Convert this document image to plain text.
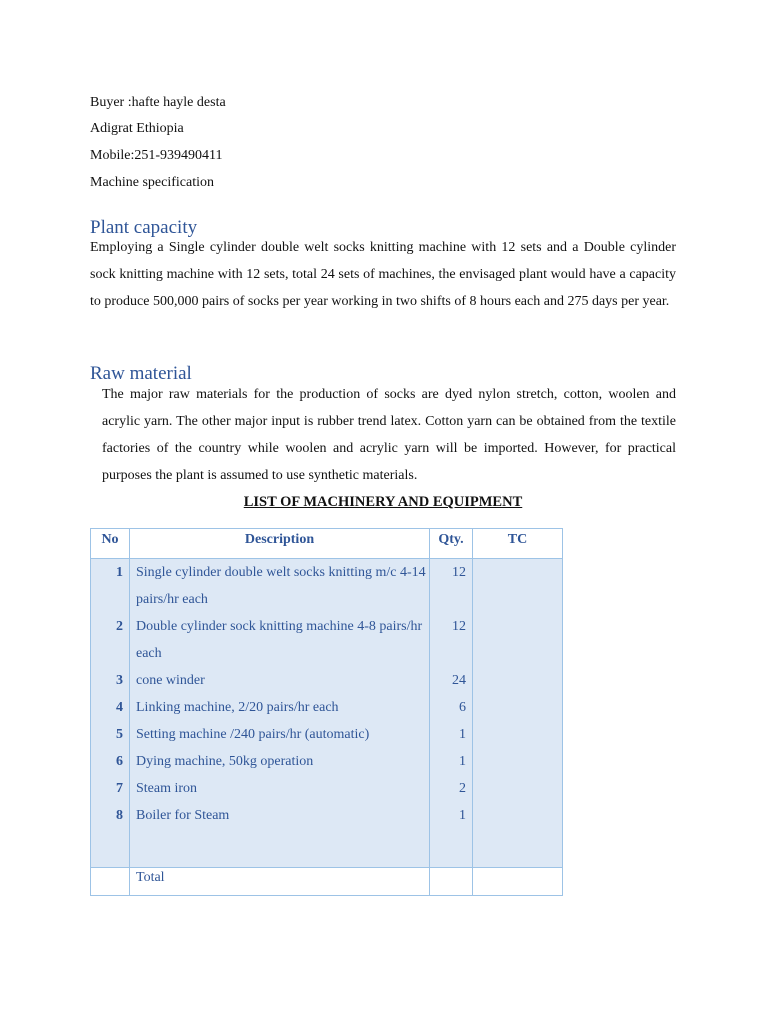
Buyer :hafte hayle desta
Adigrat Ethiopia
Mobile:251-939490411
Machine specification
Plant capacity
Employing a Single cylinder double welt socks knitting machine with 12 sets and a Double cylinder sock knitting machine with 12 sets, total 24 sets of machines, the envisaged plant would have a capacity to produce 500,000 pairs of socks per year working in two shifts of 8 hours each and 275 days per year.
Raw material
The major raw materials for the production of socks are dyed nylon stretch, cotton, woolen and acrylic yarn. The other major input is rubber trend latex. Cotton yarn can be obtained from the textile factories of the country while woolen and acrylic yarn will be imported. However, for practical purposes the plant is assumed to use synthetic materials.
LIST OF MACHINERY AND EQUIPMENT
No	Description	Qty.	TC
1	Single cylinder double welt socks knitting m/c 4-14 pairs/hr each	12	
2	Double cylinder sock knitting machine 4-8 pairs/hr each	12	
3	cone winder	24	
4	Linking machine, 2/20 pairs/hr each	6	
5	Setting machine /240 pairs/hr (automatic)	1	
6	Dying machine, 50kg operation	1	
7	Steam iron	2	
8	Boiler for Steam	1	

	Total		
